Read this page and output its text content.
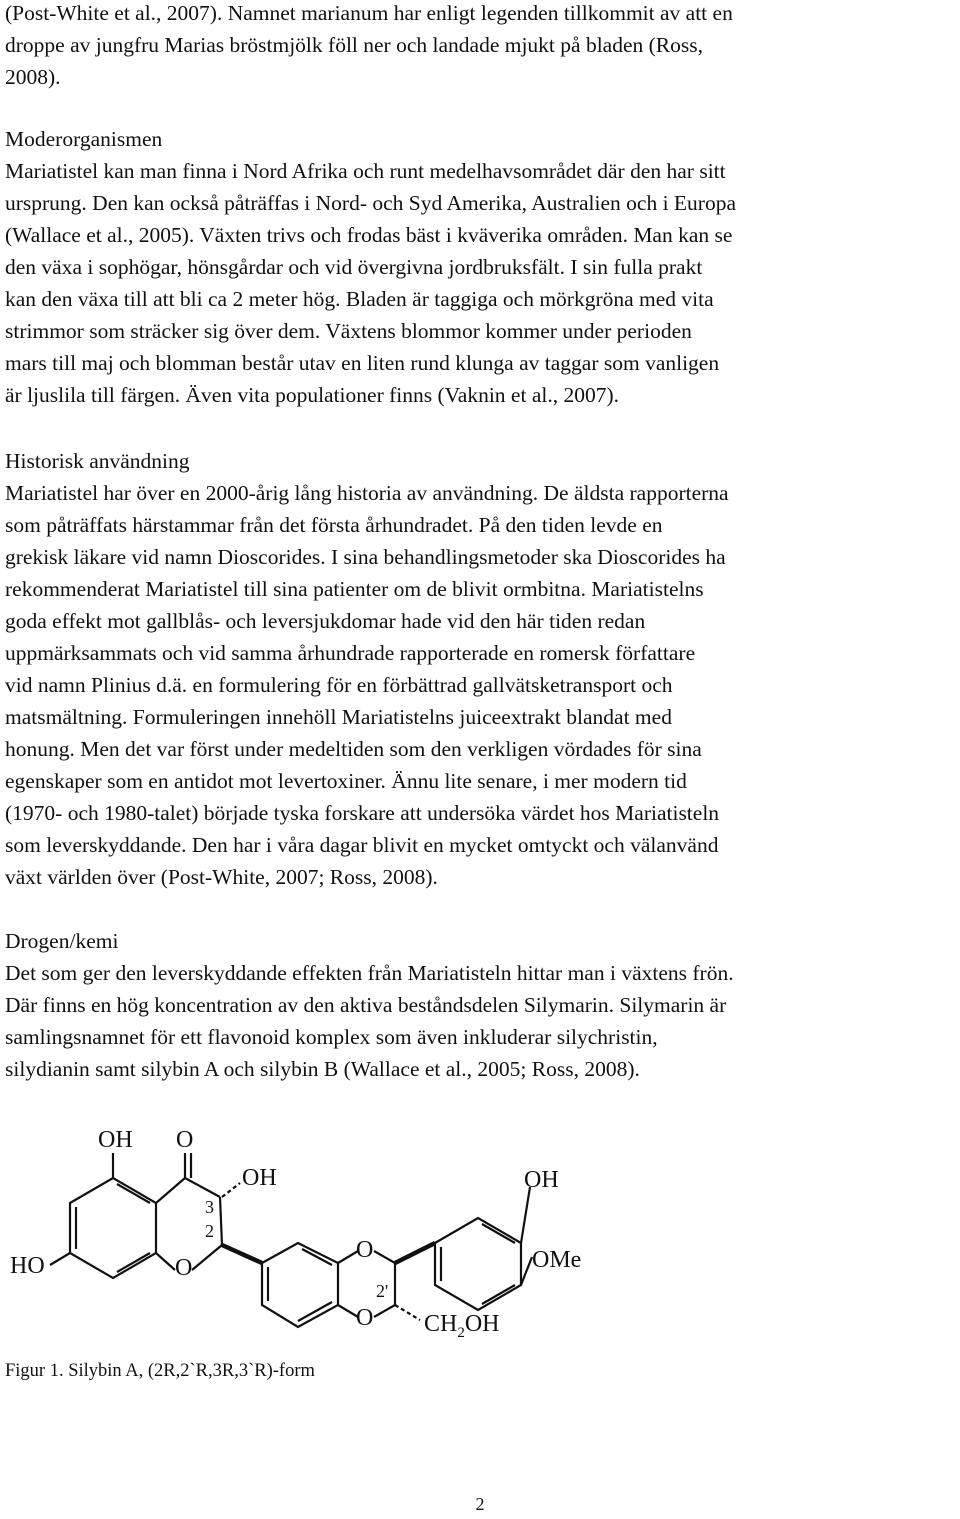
(Post-White et al., 2007). Namnet marianum har enligt legenden tillkommit av att en
droppe av jungfru Marias bröstmjölk föll ner och landade mjukt på bladen (Ross,
2008).
Moderorganismen
Mariatistel kan man finna i Nord Afrika och runt medelhavsområdet där den har sitt
ursprung. Den kan också påträffas i Nord- och Syd Amerika, Australien och i Europa
(Wallace et al., 2005). Växten trivs och frodas bäst i kväverika områden. Man kan se
den växa i sophögar, hönsgårdar och vid övergivna jordbruksfält. I sin fulla prakt
kan den växa till att bli ca 2 meter hög. Bladen är taggiga och mörkgröna med vita
strimmor som sträcker sig över dem. Växtens blommor kommer under perioden
mars till maj och blomman består utav en liten rund klunga av taggar som vanligen
är ljuslila till färgen. Även vita populationer finns (Vaknin et al., 2007).
Historisk användning
Mariatistel har över en 2000-årig lång historia av användning. De äldsta rapporterna
som påträffats härstammar från det första århundradet. På den tiden levde en
grekisk läkare vid namn Dioscorides. I sina behandlingsmetoder ska Dioscorides ha
rekommenderat Mariatistel till sina patienter om de blivit ormbitna. Mariatistelns
goda effekt mot gallblås- och leversjukdomar hade vid den här tiden redan
uppmärksammats och vid samma århundrade rapporterade en romersk författare
vid namn Plinius d.ä. en formulering för en förbättrad gallvätsketransport och
matsmältning. Formuleringen innehöll Mariatistelns juiceextrakt blandat med
honung. Men det var först under medeltiden som den verkligen vördades för sina
egenskaper som en antidot mot levertoxiner. Ännu lite senare, i mer modern tid
(1970- och 1980-talet) började tyska forskare att undersöka värdet hos Mariatisteln
som leverskyddande. Den har i våra dagar blivit en mycket omtyckt och välanvänd
växt världen över (Post-White, 2007; Ross, 2008).
Drogen/kemi
Det som ger den leverskyddande effekten från Mariatisteln hittar man i växtens frön.
Där finns en hög koncentration av den aktiva beståndsdelen Silymarin. Silymarin är
samlingsnamnet för ett flavonoid komplex som även inkluderar silychristin,
silydianin samt silybin A och silybin B (Wallace et al., 2005; Ross, 2008).
OH O
OH
3
2
HO	O
O
O
2'
OH
OMe
$CH_2OH$
Figur 1. Silybin A, (2R,2`R,3R,3`R)-form
2
